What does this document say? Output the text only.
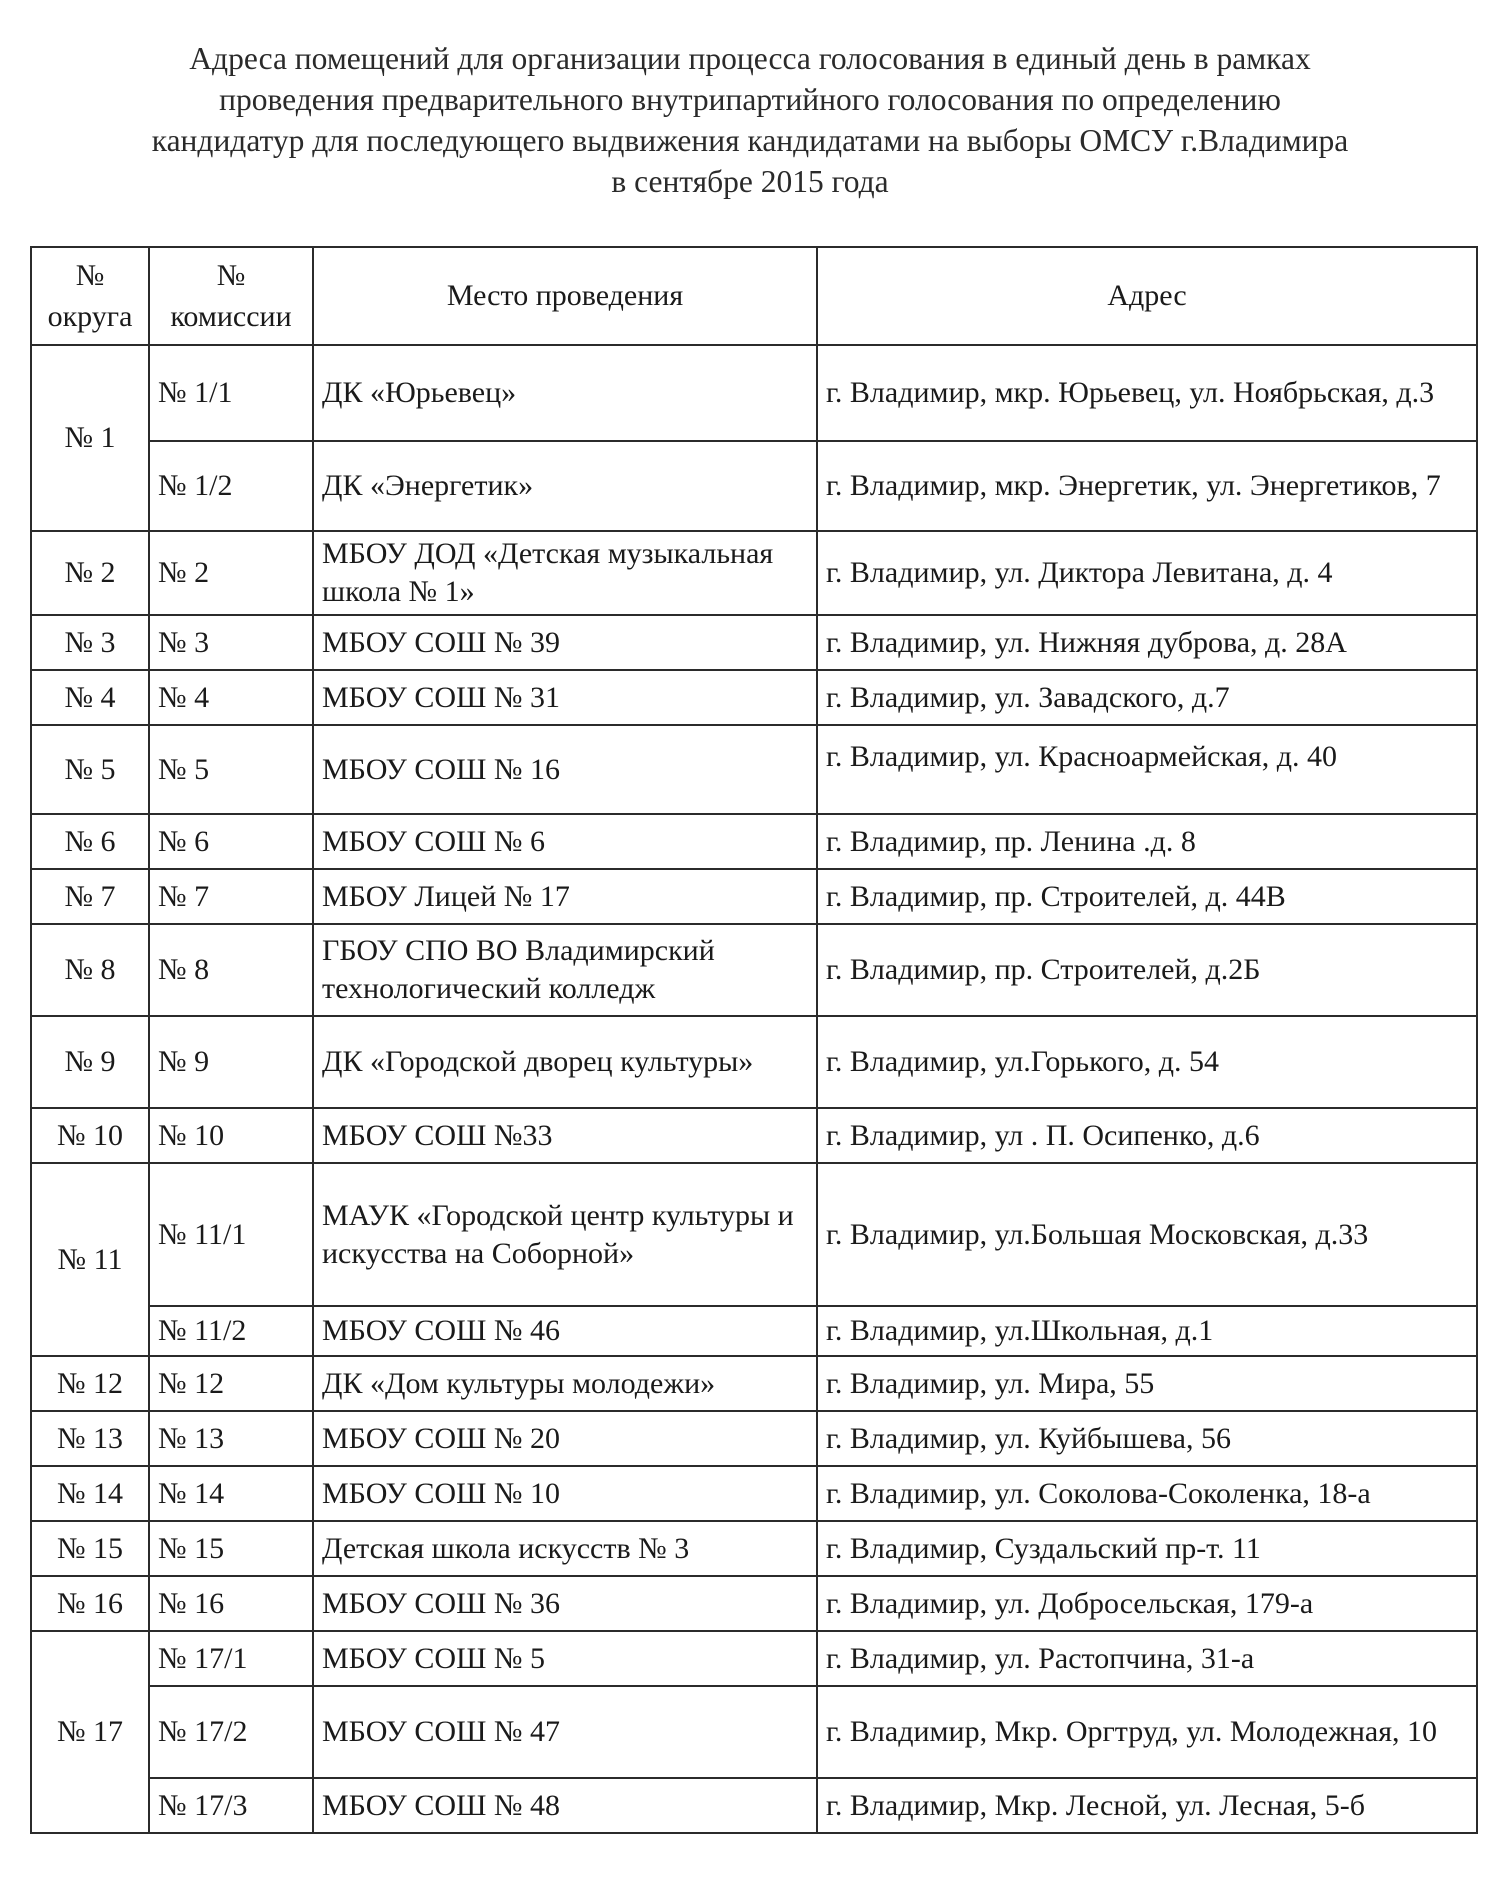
Адреса помещений для организации процесса голосования в единый день в рамках
проведения предварительного внутрипартийного голосования по определению
кандидатур для последующего выдвижения кандидатами на выборы ОМСУ г.Владимира
в сентябре 2015 года
№ округа	№ комиссии	Место проведения	Адрес
№ 1	№ 1/1	ДК «Юрьевец»	г. Владимир, мкр. Юрьевец, ул. Ноябрьская, д.3
	№ 1/2	ДК «Энергетик»	г. Владимир, мкр. Энергетик, ул. Энергетиков, 7
№ 2	№ 2	МБОУ ДОД «Детская музыкальная школа № 1»	г. Владимир, ул. Диктора Левитана, д. 4
№ 3	№ 3	МБОУ СОШ № 39	г. Владимир, ул. Нижняя дуброва, д. 28А
№ 4	№ 4	МБОУ СОШ № 31	г. Владимир, ул. Завадского, д.7
№ 5	№ 5	МБОУ СОШ № 16	г. Владимир, ул. Красноармейская, д. 40
№ 6	№ 6	МБОУ СОШ № 6	г. Владимир, пр. Ленина .д. 8
№ 7	№ 7	МБОУ Лицей № 17	г. Владимир, пр. Строителей, д. 44В
№ 8	№ 8	ГБОУ СПО ВО Владимирский технологический колледж	г. Владимир, пр. Строителей, д.2Б
№ 9	№ 9	ДК «Городской дворец культуры»	г. Владимир, ул.Горького, д. 54
№ 10	№ 10	МБОУ СОШ №33	г. Владимир, ул . П. Осипенко, д.6
№ 11	№ 11/1	МАУК «Городской центр культуры и искусства на Соборной»	г. Владимир, ул.Большая Московская, д.33
	№ 11/2	МБОУ СОШ № 46	г. Владимир, ул.Школьная, д.1
№ 12	№ 12	ДК «Дом культуры молодежи»	г. Владимир, ул. Мира, 55
№ 13	№ 13	МБОУ СОШ № 20	г. Владимир, ул. Куйбышева, 56
№ 14	№ 14	МБОУ СОШ № 10	г. Владимир, ул. Соколова-Соколенка, 18-а
№ 15	№ 15	Детская школа искусств № 3	г. Владимир, Суздальский пр-т. 11
№ 16	№ 16	МБОУ СОШ № 36	г. Владимир, ул. Добросельская, 179-а
№ 17	№ 17/1	МБОУ СОШ № 5	г. Владимир, ул. Растопчина, 31-а
	№ 17/2	МБОУ СОШ № 47	г. Владимир, Мкр. Оргтруд, ул. Молодежная, 10
	№ 17/3	МБОУ СОШ № 48	г. Владимир, Мкр. Лесной, ул. Лесная, 5-б
